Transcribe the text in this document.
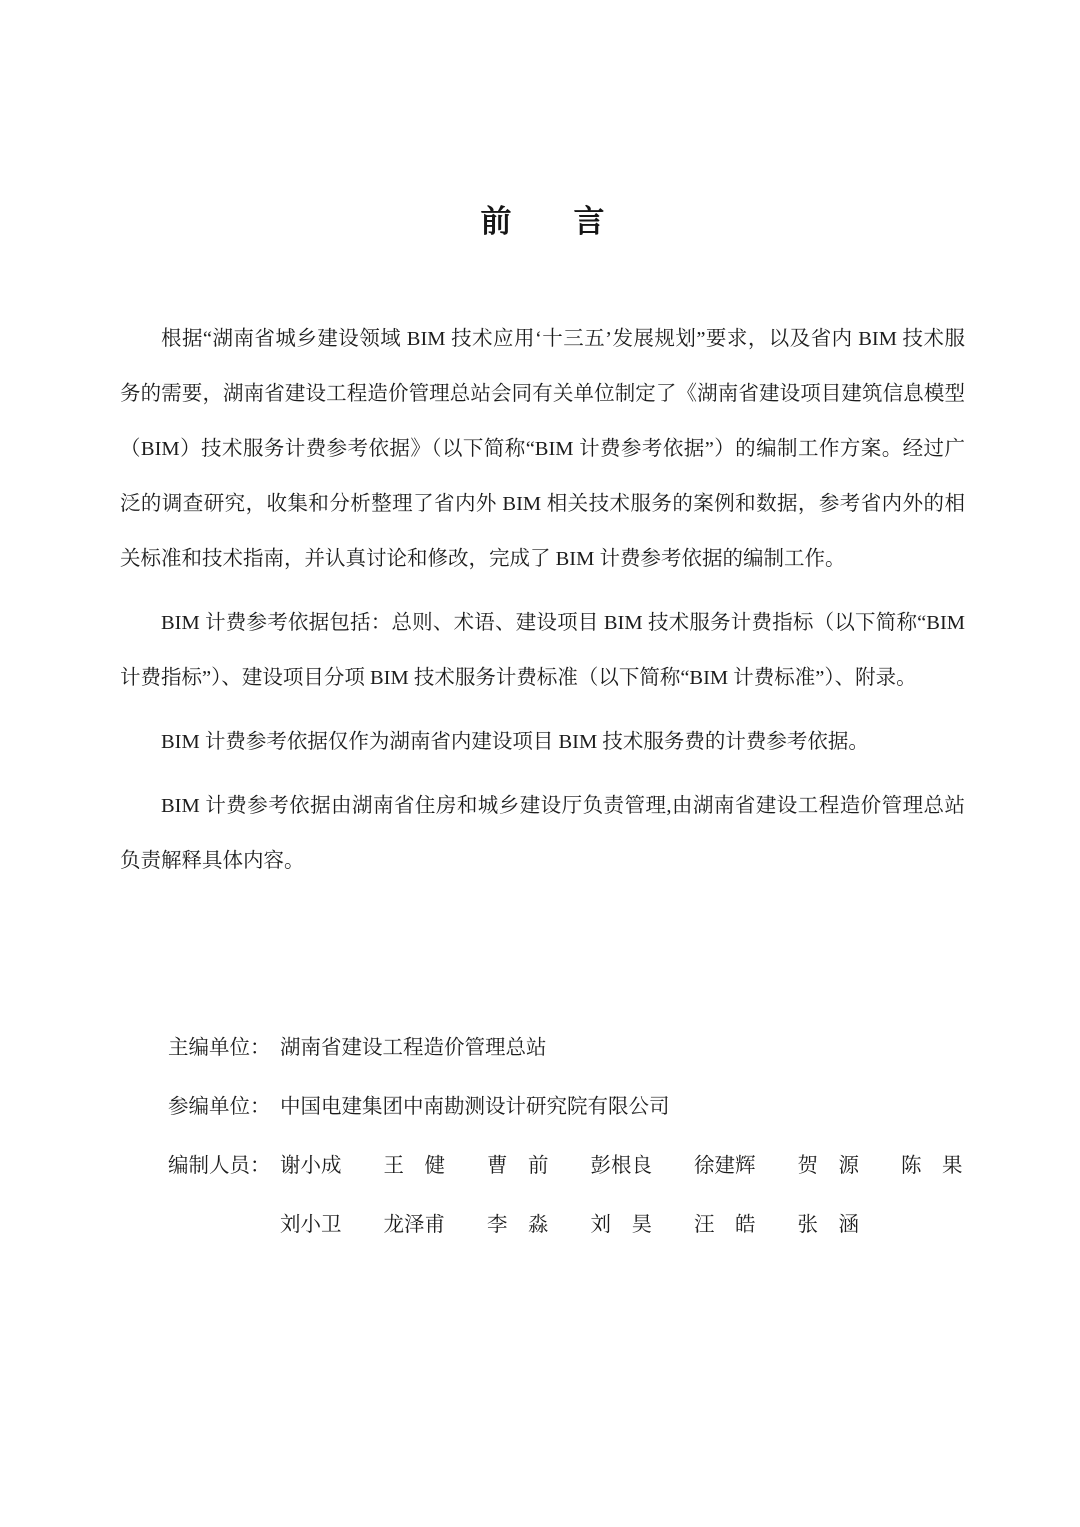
前　　言

根据“湖南省城乡建设领域 BIM 技术应用‘十三五’发展规划”要求，以及省内 BIM 技术服务的需要，湖南省建设工程造价管理总站会同有关单位制定了《湖南省建设项目建筑信息模型（BIM）技术服务计费参考依据》（以下简称“BIM 计费参考依据”）的编制工作方案。经过广泛的调查研究，收集和分析整理了省内外 BIM 相关技术服务的案例和数据，参考省内外的相关标准和技术指南，并认真讨论和修改，完成了 BIM 计费参考依据的编制工作。

BIM 计费参考依据包括：总则、术语、建设项目 BIM 技术服务计费指标（以下简称“BIM 计费指标”）、建设项目分项 BIM 技术服务计费标准（以下简称“BIM 计费标准”）、附录。

BIM 计费参考依据仅作为湖南省内建设项目 BIM 技术服务费的计费参考依据。

BIM 计费参考依据由湖南省住房和城乡建设厅负责管理,由湖南省建设工程造价管理总站负责解释具体内容。

主编单位： 湖南省建设工程造价管理总站
参编单位： 中国电建集团中南勘测设计研究院有限公司
编制人员： 谢小成 王　健 曹　前 彭根良 徐建辉 贺　源 陈　果
刘小卫 龙泽甫 李　淼 刘　昊 汪　皓 张　涵
